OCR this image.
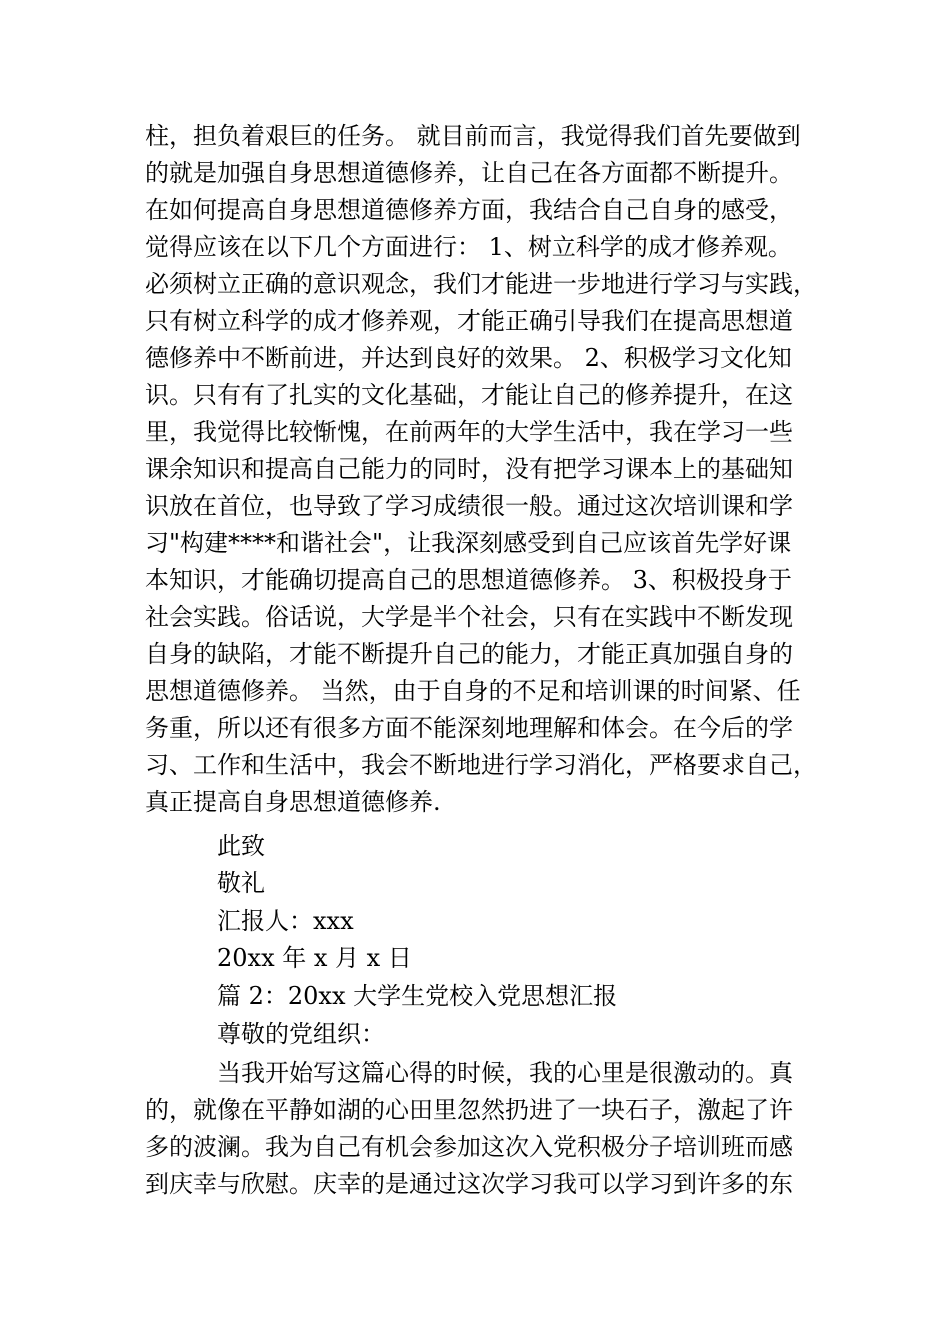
柱，担负着艰巨的任务。 就目前而言，我觉得我们首先要做到
的就是加强自身思想道德修养，让自己在各方面都不断提升。
在如何提高自身思想道德修养方面，我结合自己自身的感受，
觉得应该在以下几个方面进行： 1、树立科学的成才修养观。
必须树立正确的意识观念，我们才能进一步地进行学习与实践，
只有树立科学的成才修养观，才能正确引导我们在提高思想道
德修养中不断前进，并达到良好的效果。 2、积极学习文化知
识。只有有了扎实的文化基础，才能让自己的修养提升，在这
里，我觉得比较惭愧，在前两年的大学生活中，我在学习一些
课余知识和提高自己能力的同时，没有把学习课本上的基础知
识放在首位，也导致了学习成绩很一般。通过这次培训课和学
习"构建****和谐社会"，让我深刻感受到自己应该首先学好课
本知识，才能确切提高自己的思想道德修养。 3、积极投身于
社会实践。俗话说，大学是半个社会，只有在实践中不断发现
自身的缺陷，才能不断提升自己的能力，才能正真加强自身的
思想道德修养。 当然，由于自身的不足和培训课的时间紧、任
务重，所以还有很多方面不能深刻地理解和体会。在今后的学
习、工作和生活中，我会不断地进行学习消化，严格要求自己，
真正提高自身思想道德修养.
此致
敬礼
汇报人：xxx
20xx 年 x 月 x 日
篇 2：20xx 大学生党校入党思想汇报
尊敬的党组织：
当我开始写这篇心得的时候，我的心里是很激动的。真
的，就像在平静如湖的心田里忽然扔进了一块石子，激起了许
多的波澜。我为自己有机会参加这次入党积极分子培训班而感
到庆幸与欣慰。庆幸的是通过这次学习我可以学习到许多的东
